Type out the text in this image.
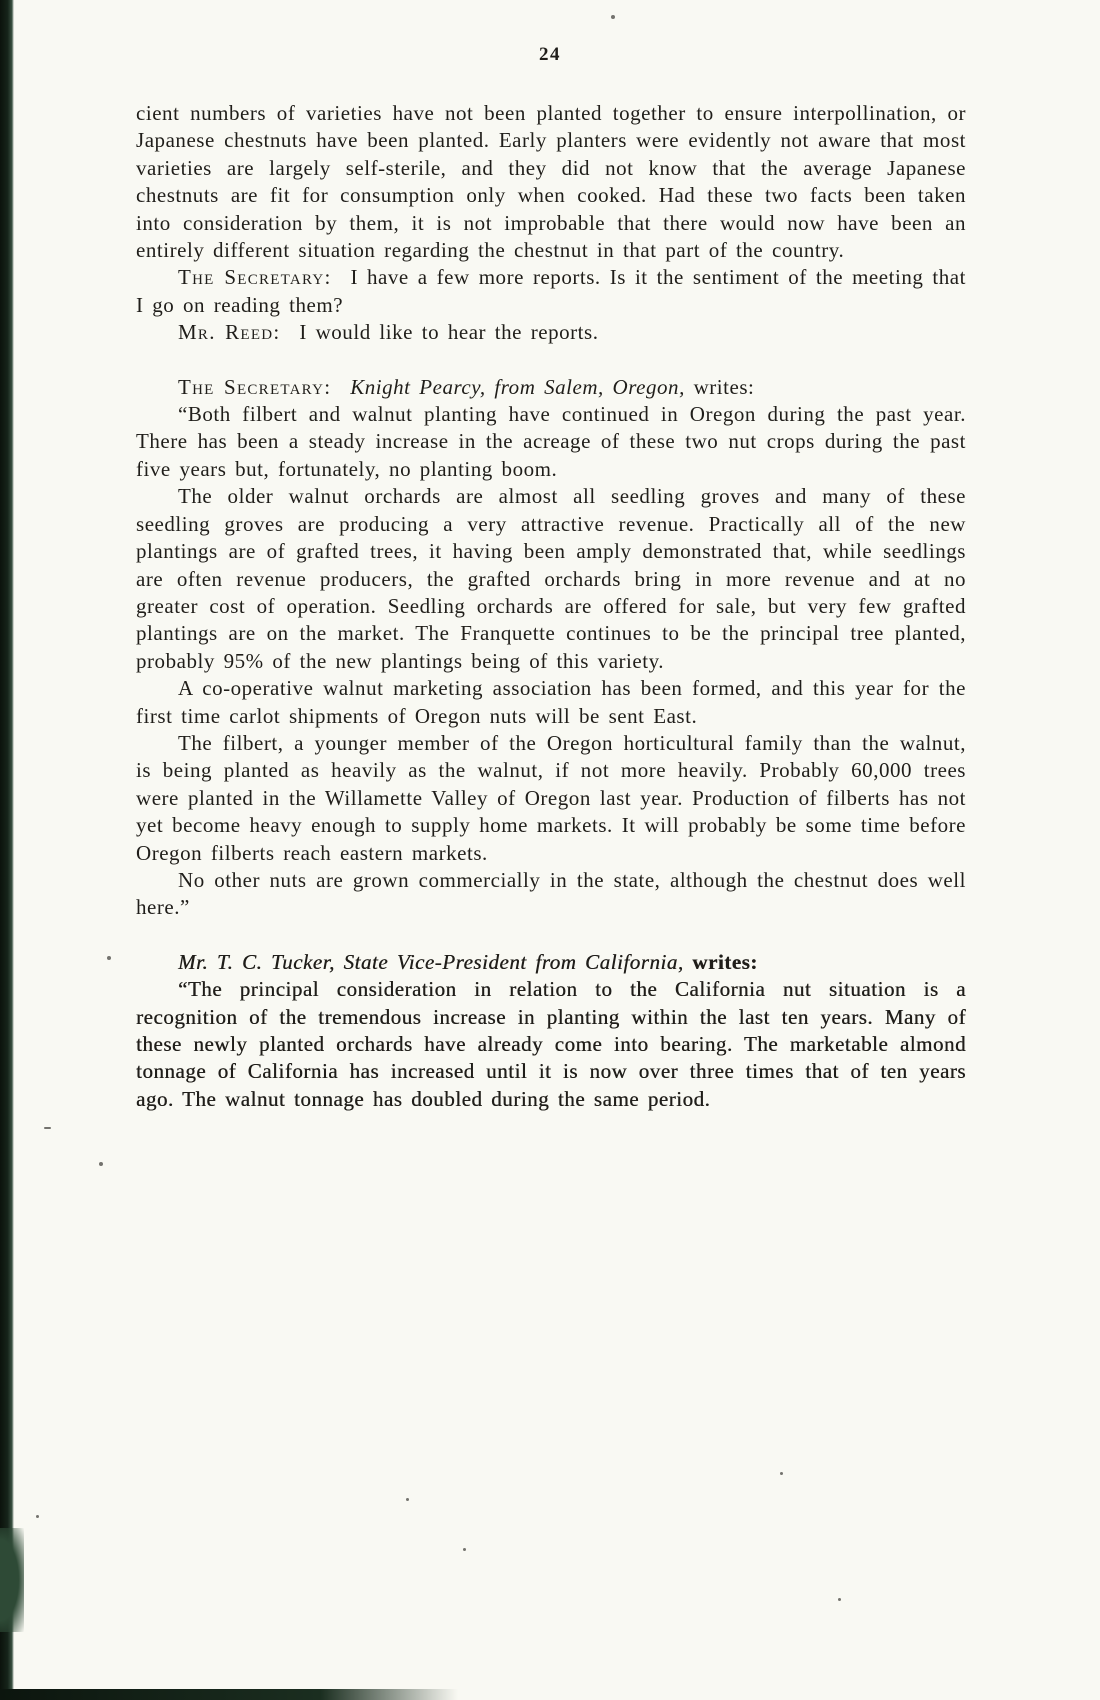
24

cient numbers of varieties have not been planted together to ensure interpollination, or Japanese chestnuts have been planted. Early planters were evidently not aware that most varieties are largely self-sterile, and they did not know that the average Japanese chestnuts are fit for consumption only when cooked. Had these two facts been taken into consideration by them, it is not improbable that there would now have been an entirely different situation regarding the chestnut in that part of the country.

The Secretary: I have a few more reports. Is it the sentiment of the meeting that I go on reading them?

Mr. Reed: I would like to hear the reports.

The Secretary: Knight Pearcy, from Salem, Oregon, writes:

“Both filbert and walnut planting have continued in Oregon during the past year. There has been a steady increase in the acreage of these two nut crops during the past five years but, fortunately, no planting boom.

The older walnut orchards are almost all seedling groves and many of these seedling groves are producing a very attractive revenue. Practically all of the new plantings are of grafted trees, it having been amply demonstrated that, while seedlings are often revenue producers, the grafted orchards bring in more revenue and at no greater cost of operation. Seedling orchards are offered for sale, but very few grafted plantings are on the market. The Franquette continues to be the principal tree planted, probably 95% of the new plantings being of this variety.

A co-operative walnut marketing association has been formed, and this year for the first time carlot shipments of Oregon nuts will be sent East.

The filbert, a younger member of the Oregon horticultural family than the walnut, is being planted as heavily as the walnut, if not more heavily. Probably 60,000 trees were planted in the Willamette Valley of Oregon last year. Production of filberts has not yet become heavy enough to supply home markets. It will probably be some time before Oregon filberts reach eastern markets.

No other nuts are grown commercially in the state, although the chestnut does well here.”

Mr. T. C. Tucker, State Vice-President from California, writes:

“The principal consideration in relation to the California nut situation is a recognition of the tremendous increase in planting within the last ten years. Many of these newly planted orchards have already come into bearing. The marketable almond tonnage of California has increased until it is now over three times that of ten years ago. The walnut tonnage has doubled during the same period.
